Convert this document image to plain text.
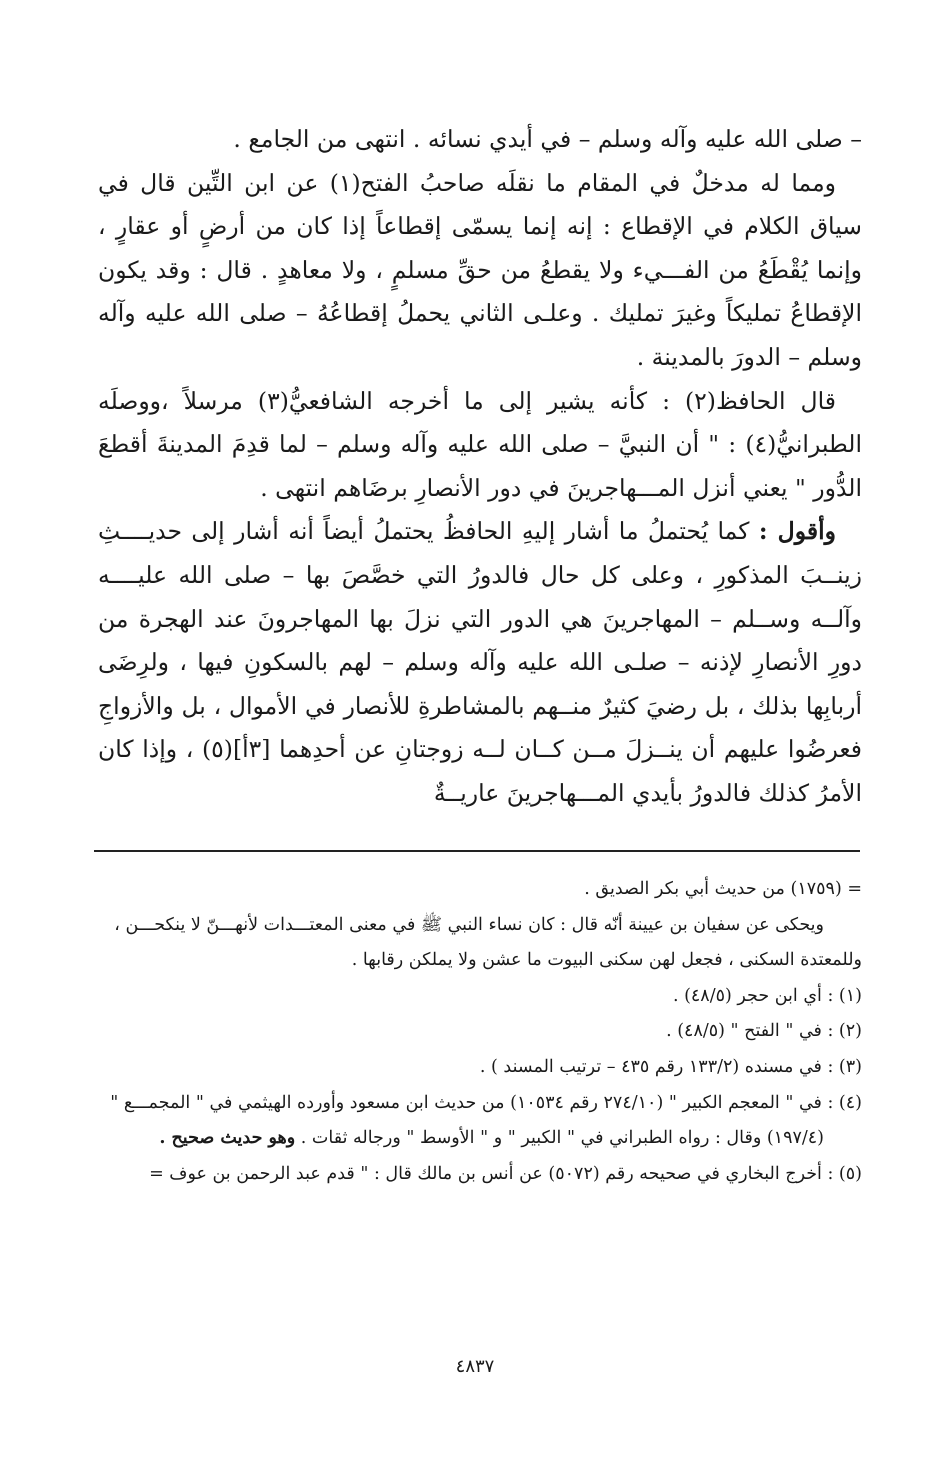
– صلى الله عليه وآله وسلم – في أيدي نسائه . انتهى من الجامع .

ومما له مدخلٌ في المقام ما نقلَه صاحبُ الفتح(١) عن ابن التِّين قال في سياق الكلام في الإقطاع : إنه إنما يسمّى إقطاعاً إذا كان من أرضٍ أو عقارٍ ، وإنما يُقْطَعُ من الفـــيء ولا يقطعُ من حقِّ مسلمٍ ، ولا معاهدٍ . قال : وقد يكون الإقطاعُ تمليكاً وغيرَ تمليك . وعلـى الثاني يحملُ إقطاعُهُ – صلى الله عليه وآله وسلم – الدورَ بالمدينة .

قال الحافظ(٢) : كأنه يشير إلى ما أخرجه الشافعيُّ(٣) مرسلاً ،ووصلَه الطبرانيُّ(٤) : " أن النبيَّ – صلى الله عليه وآله وسلم – لما قدِمَ المدينةَ أقطعَ الدُّور " يعني أنزل المـــهاجرينَ في دور الأنصارِ برضَاهم انتهى .

وأقول : كما يُحتملُ ما أشار إليهِ الحافظُ يحتملُ أيضاً أنه أشار إلى حديــــثِ زينــبَ المذكورِ ، وعلى كل حال فالدورُ التي خصَّصَ بها – صلى الله عليــــه وآلــه وســلم – المهاجرينَ هي الدور التي نزلَ بها المهاجرونَ عند الهجرة من دورِ الأنصارِ لإذنه – صلـى الله عليه وآله وسلم – لهم بالسكونِ فيها ، ولرِضَى أربابِها بذلك ، بل رضيَ كثيرٌ منــهم بالمشاطرةِ للأنصار في الأموال ، بل والأزواجِ فعرضُوا عليهم أن ينــزلَ مــن كــان لــه زوجتانِ عن أحدِهما [٣أ](٥) ، وإذا كان الأمرُ كذلك فالدورُ بأيدي المـــهاجرينَ عاريــةٌ

= (١٧٥٩) من حديث أبي بكر الصديق .

ويحكى عن سفيان بن عيينة أنّه قال : كان نساء النبي ﷺ في معنى المعتـــدات لأنهـــنّ لا ينكحـــن ،

وللمعتدة السكنى ، فجعل لهن سكنى البيوت ما عشن ولا يملكن رقابها .

(١) : أي ابن حجر (٤٨/٥) .

(٢) : في " الفتح " (٤٨/٥) .

(٣) : في مسنده (١٣٣/٢ رقم ٤٣٥ – ترتيب المسند ) .

(٤) : في " المعجم الكبير " (٢٧٤/١٠ رقم ١٠٥٣٤) من حديث ابن مسعود وأورده الهيثمي في " المجمـــع "

(١٩٧/٤) وقال : رواه الطبراني في " الكبير " و " الأوسط " ورجاله ثقات . وهو حديث صحيح .

(٥) : أخرج البخاري في صحيحه رقم (٥٠٧٢) عن أنس بن مالك قال : " قدم عبد الرحمن بن عوف =

٤٨٣٧
